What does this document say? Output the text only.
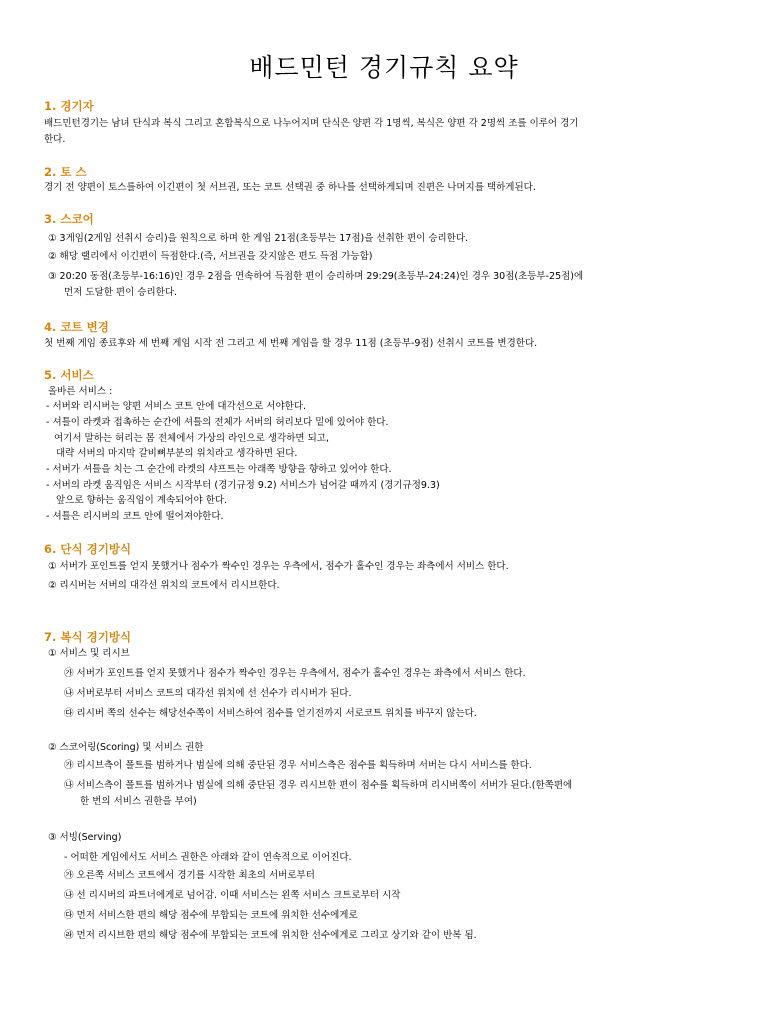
배드민턴 경기규칙 요약
1. 경기자
배드민턴경기는 남녀 단식과 복식 그리고 혼합복식으로 나누어지며 단식은 양편 각 1명씩, 복식은 양편 각 2명씩 조를 이루어 경기
한다.
2. 토 스
경기 전 양편이 토스를하여 이긴편이 첫 서브권, 또는 코트 선택권 중 하나를 선택하게되며 진편은 나머지를 택하게된다.
3. 스코어
① 3게임(2게임 선취시 승리)을 원칙으로 하며 한 게임 21점(초등부는 17점)을 선취한 편이 승리한다.
② 해당 랠리에서 이긴편이 득점한다.(즉, 서브권을 갖지않은 편도 득점 가능함)
③ 20:20 동점(초등부-16:16)인 경우 2점을 연속하여 득점한 편이 승리하며 29:29(초등부-24:24)인 경우 30점(초등부-25점)에
먼저 도달한 편이 승리한다.
4. 코트 변경
첫 번째 게임 종료후와 세 번째 게임 시작 전 그리고 세 번째 게임을 할 경우 11점 (초등부-9점) 선취시 코트를 변경한다.
5. 서비스
올바른 서비스 :
- 서버와 리시버는 양편 서비스 코트 안에 대각선으로 서야한다.
- 셔틀이 라켓과 접촉하는 순간에 셔틀의 전체가 서버의 허리보다 밑에 있어야 한다.
여기서 말하는 허리는 몸 전체에서 가상의 라인으로 생각하면 되고,
대략 서버의 마지막 갈비뼈부분의 위치라고 생각하면 된다.
- 서버가 셔틀을 치는 그 순간에 라켓의 샤프트는 아래쪽 방향을 향하고 있어야 한다.
- 서버의 라켓 움직임은 서비스 시작부터 (경기규정 9.2) 서비스가 넘어갈 때까지 (경기규정9.3)
앞으로 향하는 움직임이 계속되어야 한다.
- 셔틀은 리시버의 코트 안에 떨어져야한다.
6. 단식 경기방식
① 서버가 포인트를 얻지 못했거나 점수가 짝수인 경우는 우측에서, 점수가 홀수인 경우는 좌측에서 서비스 한다.
② 리시버는 서버의 대각선 위치의 코트에서 리시브한다.
7. 복식 경기방식
① 서비스 및 리시브
㉮ 서버가 포인트를 얻지 못했거나 점수가 짝수인 경우는 우측에서, 점수가 홀수인 경우는 좌측에서 서비스 한다.
㉯ 서버로부터 서비스 코트의 대각선 위치에 선 선수가 리시버가 된다.
㉰ 리시버 쪽의 선수는 해당선수쪽이 서비스하여 점수를 얻기전까지 서로코트 위치를 바꾸지 않는다.
② 스코어링(Scoring) 및 서비스 권한
㉮ 리시브측이 폴트를 범하거나 범실에 의해 중단된 경우 서비스측은 점수를 획득하며 서버는 다시 서비스를 한다.
㉯ 서비스측이 폴트를 범하거나 범실에 의해 중단된 경우 리시브한 편이 점수를 획득하며 리시버쪽이 서버가 된다.(한쪽편에
한 번의 서비스 권한을 부여)
③ 서빙(Serving)
- 어떠한 게임에서도 서비스 권한은 아래와 같이 연속적으로 이어진다.
㉮ 오른쪽 서비스 코트에서 경기를 시작한 최초의 서버로부터
㉯ 선 리시버의 파트너에게로 넘어감. 이때 서비스는 왼쪽 서비스 크트로부터 시작
㉰ 먼저 서비스한 편의 해당 점수에 부합되는 코트에 위치한 선수에게로
㉱ 먼저 리시브한 편의 해당 점수에 부합되는 코트에 위치한 선수에게로 그리고 상기와 같이 반복 됨.
